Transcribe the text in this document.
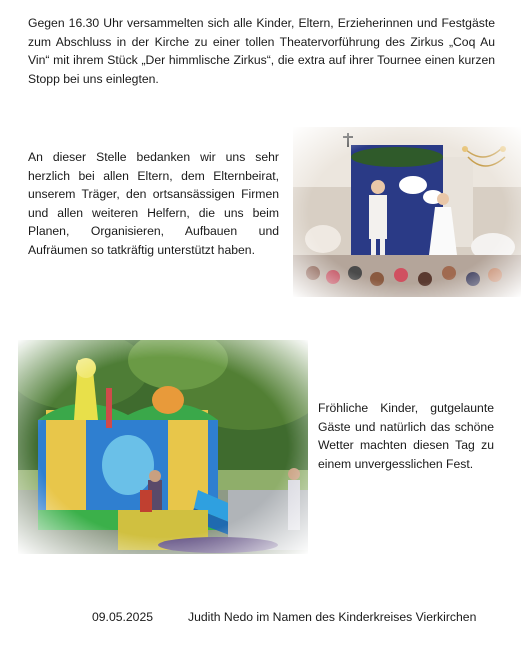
Gegen 16.30 Uhr versammelten sich alle Kinder, Eltern, Erzieherinnen und Festgäste zum Abschluss in der Kirche zu einer tollen Theatervorführung des Zirkus „Coq Au Vin“ mit ihrem Stück „Der himmlische Zirkus“, die extra auf ihrer Tournee einen kurzen Stopp bei uns einlegten.

An dieser Stelle bedanken wir uns sehr herzlich bei allen Eltern, dem Elternbeirat, unserem Träger, den ortsansässigen Firmen und allen weiteren Helfern, die uns beim Planen, Organisieren, Aufbauen und Aufräumen so tatkräftig unterstützt haben.

Fröhliche Kinder, gutgelaunte Gäste und natürlich das schöne Wetter machten diesen Tag zu einem unvergesslichen Fest.

09.05.2025	Judith Nedo im Namen des Kinderkreises Vierkirchen
